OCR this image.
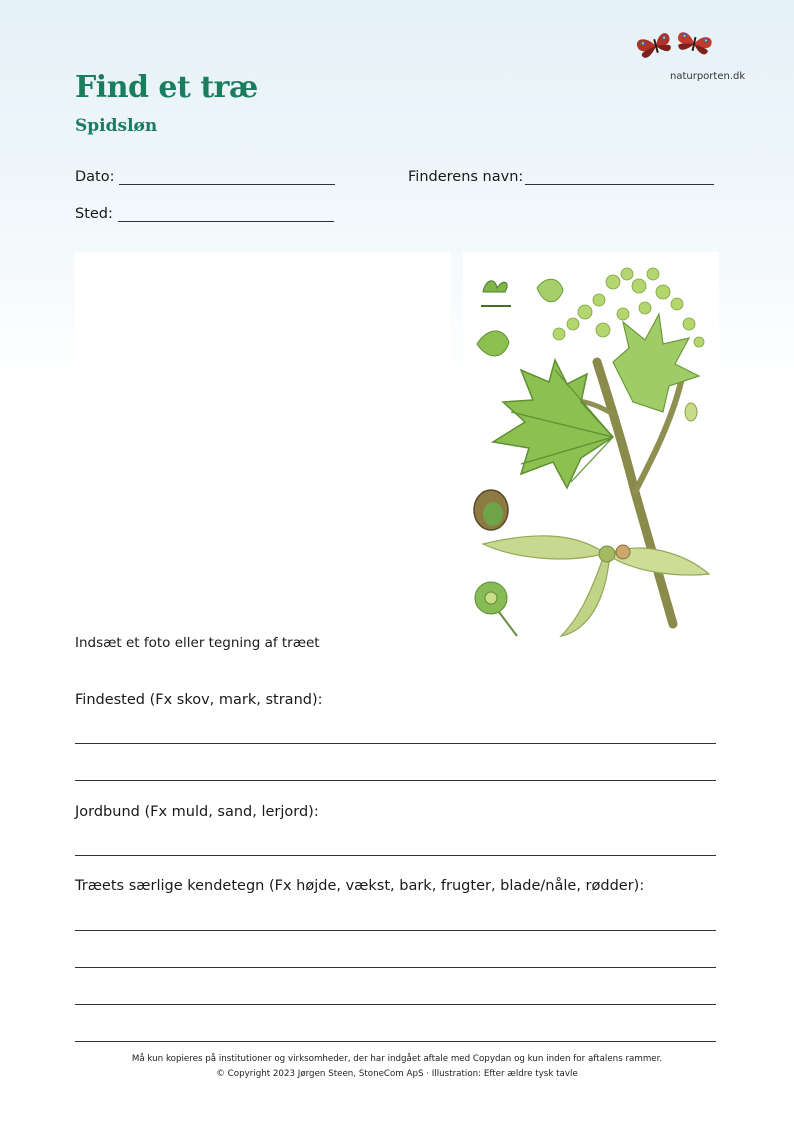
naturporten.dk
Find et træ
Spidsløn
Dato:	Finderens navn:
Sted:
Indsæt et foto eller tegning af træet
Findested (Fx skov, mark, strand):
Jordbund (Fx muld, sand, lerjord):
Træets særlige kendetegn (Fx højde, vækst, bark, frugter, blade/nåle, rødder):
Må kun kopieres på institutioner og virksomheder, der har indgået aftale med Copydan og kun inden for aftalens rammer.
© Copyright 2023 Jørgen Steen, StoneCom ApS · Illustration: Efter ældre tysk tavle
